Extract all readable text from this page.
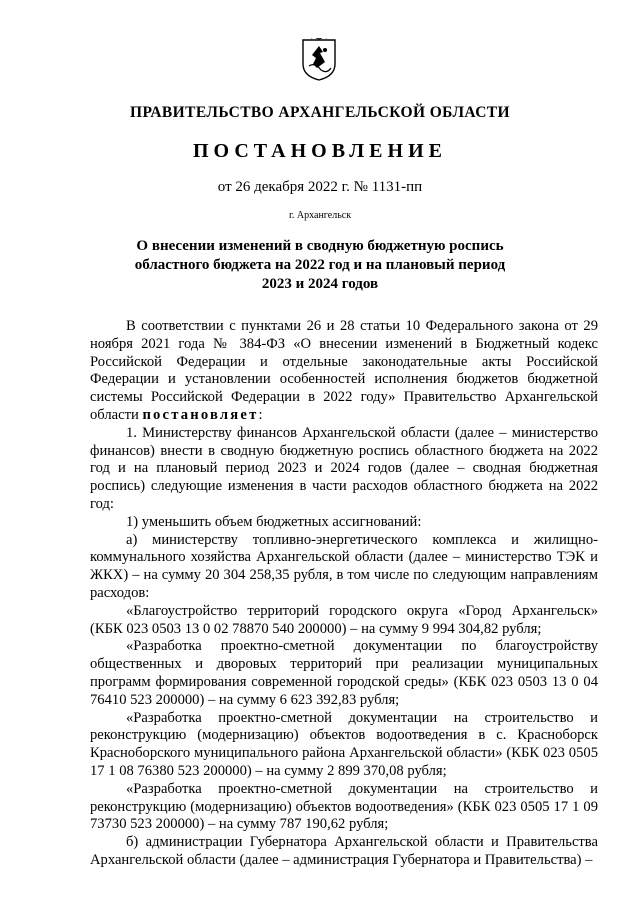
ПРАВИТЕЛЬСТВО АРХАНГЕЛЬСКОЙ ОБЛАСТИ
ПОСТАНОВЛЕНИЕ
от 26 декабря 2022 г. № 1131-пп
г. Архангельск
О внесении изменений в сводную бюджетную роспись
областного бюджета на 2022 год и на плановый период
2023 и 2024 годов

В соответствии с пунктами 26 и 28 статьи 10 Федерального закона от 29 ноября 2021 года № 384-ФЗ «О внесении изменений в Бюджетный кодекс Российской Федерации и отдельные законодательные акты Российской Федерации и установлении особенностей исполнения бюджетов бюджетной системы Российской Федерации в 2022 году» Правительство Архангельской области постановляет:

1. Министерству финансов Архангельской области (далее – министерство финансов) внести в сводную бюджетную роспись областного бюджета на 2022 год и на плановый период 2023 и 2024 годов (далее – сводная бюджетная роспись) следующие изменения в части расходов областного бюджета на 2022 год:

1) уменьшить объем бюджетных ассигнований:

а) министерству топливно-энергетического комплекса и жилищно-коммунального хозяйства Архангельской области (далее – министерство ТЭК и ЖКХ) – на сумму 20 304 258,35 рубля, в том числе по следующим направлениям расходов:

«Благоустройство территорий городского округа «Город Архангельск» (КБК 023 0503 13 0 02 78870 540 200000) – на сумму 9 994 304,82 рубля;

«Разработка проектно-сметной документации по благоустройству общественных и дворовых территорий при реализации муниципальных программ формирования современной городской среды» (КБК 023 0503 13 0 04 76410 523 200000) – на сумму 6 623 392,83 рубля;

«Разработка проектно-сметной документации на строительство и реконструкцию (модернизацию) объектов водоотведения в с. Красноборск Красноборского муниципального района Архангельской области» (КБК 023 0505 17 1 08 76380 523 200000) – на сумму 2 899 370,08 рубля;

«Разработка проектно-сметной документации на строительство и реконструкцию (модернизацию) объектов водоотведения» (КБК 023 0505 17 1 09 73730 523 200000) – на сумму 787 190,62 рубля;

б) администрации Губернатора Архангельской области и Правительства Архангельской области (далее – администрация Губернатора и Правительства) –
